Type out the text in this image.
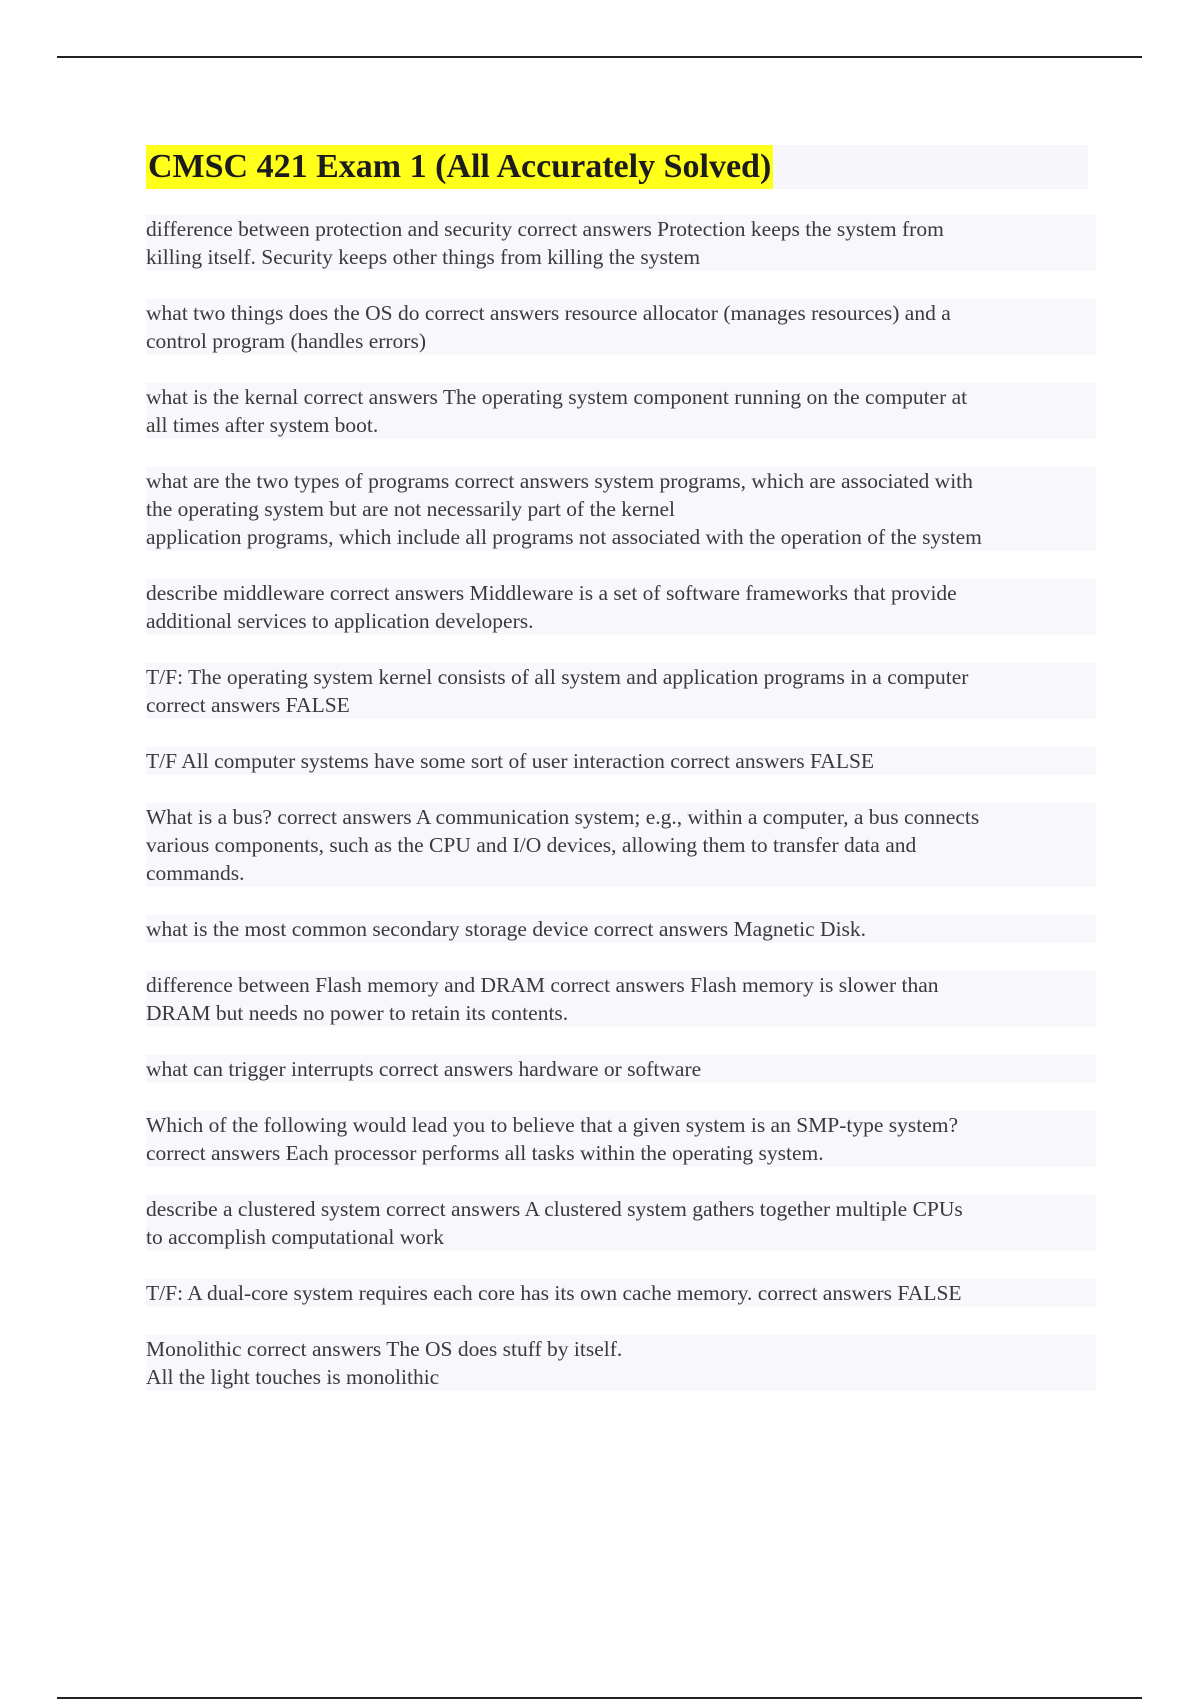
CMSC 421 Exam 1 (All Accurately Solved)
difference between protection and security correct answers Protection keeps the system from
killing itself. Security keeps other things from killing the system
what two things does the OS do correct answers resource allocator (manages resources) and a
control program (handles errors)
what is the kernal correct answers The operating system component running on the computer at
all times after system boot.
what are the two types of programs correct answers system programs, which are associated with
the operating system but are not necessarily part of the kernel
application programs, which include all programs not associated with the operation of the system
describe middleware correct answers Middleware is a set of software frameworks that provide
additional services to application developers.
T/F: The operating system kernel consists of all system and application programs in a computer
correct answers FALSE
T/F All computer systems have some sort of user interaction correct answers FALSE
What is a bus? correct answers A communication system; e.g., within a computer, a bus connects
various components, such as the CPU and I/O devices, allowing them to transfer data and
commands.
what is the most common secondary storage device correct answers Magnetic Disk.
difference between Flash memory and DRAM correct answers Flash memory is slower than
DRAM but needs no power to retain its contents.
what can trigger interrupts correct answers hardware or software
Which of the following would lead you to believe that a given system is an SMP-type system?
correct answers Each processor performs all tasks within the operating system.
describe a clustered system correct answers A clustered system gathers together multiple CPUs
to accomplish computational work
T/F: A dual-core system requires each core has its own cache memory. correct answers FALSE
Monolithic correct answers The OS does stuff by itself.
All the light touches is monolithic
